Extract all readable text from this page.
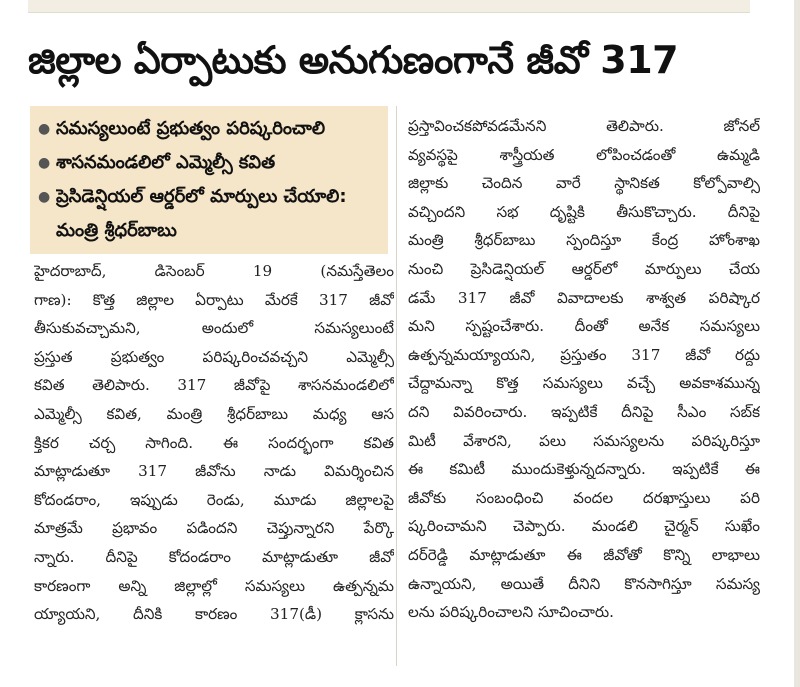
జిల్లాల ఏర్పాటుకు అనుగుణంగానే జీవో 317
● సమస్యలుంటే ప్రభుత్వం పరిష్కరించాలి
● శాసనమండలిలో ఎమ్మెల్సీ కవిత
● ప్రెసిడెన్షియల్ ఆర్డర్‌లో మార్పులు చేయాలి: మంత్రి శ్రీధర్‌బాబు
హైదరాబాద్, డిసెంబర్ 19 (నమస్తేతెలం
గాణ): కొత్త జిల్లాల ఏర్పాటు మేరకే 317 జీవో
తీసుకువచ్చామని, అందులో సమస్యలుంటే
ప్రస్తుత ప్రభుత్వం పరిష్కరించవచ్చని ఎమ్మెల్సీ
కవిత తెలిపారు. 317 జీవోపై శాసనమండలిలో
ఎమ్మెల్సీ కవిత, మంత్రి శ్రీధర్‌బాబు మధ్య ఆస
క్తికర చర్చ సాగింది. ఈ సందర్భంగా కవిత
మాట్లాడుతూ 317 జీవోను నాడు విమర్శించిన
కోదండరాం, ఇప్పుడు రెండు, మూడు జిల్లాలపై
మాత్రమే ప్రభావం పడిందని చెప్తున్నారని పేర్కొ
న్నారు. దీనిపై కోదండరాం మాట్లాడుతూ జీవో
కారణంగా అన్ని జిల్లాల్లో సమస్యలు ఉత్పన్నమ
య్యాయని, దీనికి కారణం 317(డీ) క్లాసను
ప్రస్తావించకపోవడమేనని తెలిపారు. జోనల్
వ్యవస్థపై శాస్త్రీయత లోపించడంతో ఉమ్మడి
జిల్లాకు చెందిన వారే స్థానికత కోల్పోవాల్సి
వచ్చిందని సభ దృష్టికి తీసుకొచ్చారు. దీనిపై
మంత్రి శ్రీధర్‌బాబు స్పందిస్తూ కేంద్ర హోంశాఖ
నుంచి ప్రెసిడెన్షియల్ ఆర్డర్‌లో మార్పులు చేయ
డమే 317 జీవో వివాదాలకు శాశ్వత పరిష్కార
మని స్పష్టంచేశారు. దీంతో అనేక సమస్యలు
ఉత్పన్నమయ్యాయని, ప్రస్తుతం 317 జీవో రద్దు
చేద్దామన్నా కొత్త సమస్యలు వచ్చే అవకాశమున్న
దని వివరించారు. ఇప్పటికే దీనిపై సీఎం సబ్‌క
మిటీ వేశారని, పలు సమస్యలను పరిష్కరిస్తూ
ఈ కమిటీ ముందుకెళ్తున్నదన్నారు. ఇప్పటికే ఈ
జీవోకు సంబంధించి వందల దరఖాస్తులు పరి
ష్కరించామని చెప్పారు. మండలి చైర్మన్ సుఖేం
దర్‌రెడ్డి మాట్లాడుతూ ఈ జీవోతో కొన్ని లాభాలు
ఉన్నాయని, అయితే దీనిని కొనసాగిస్తూ సమస్య
లను పరిష్కరించాలని సూచించారు.
